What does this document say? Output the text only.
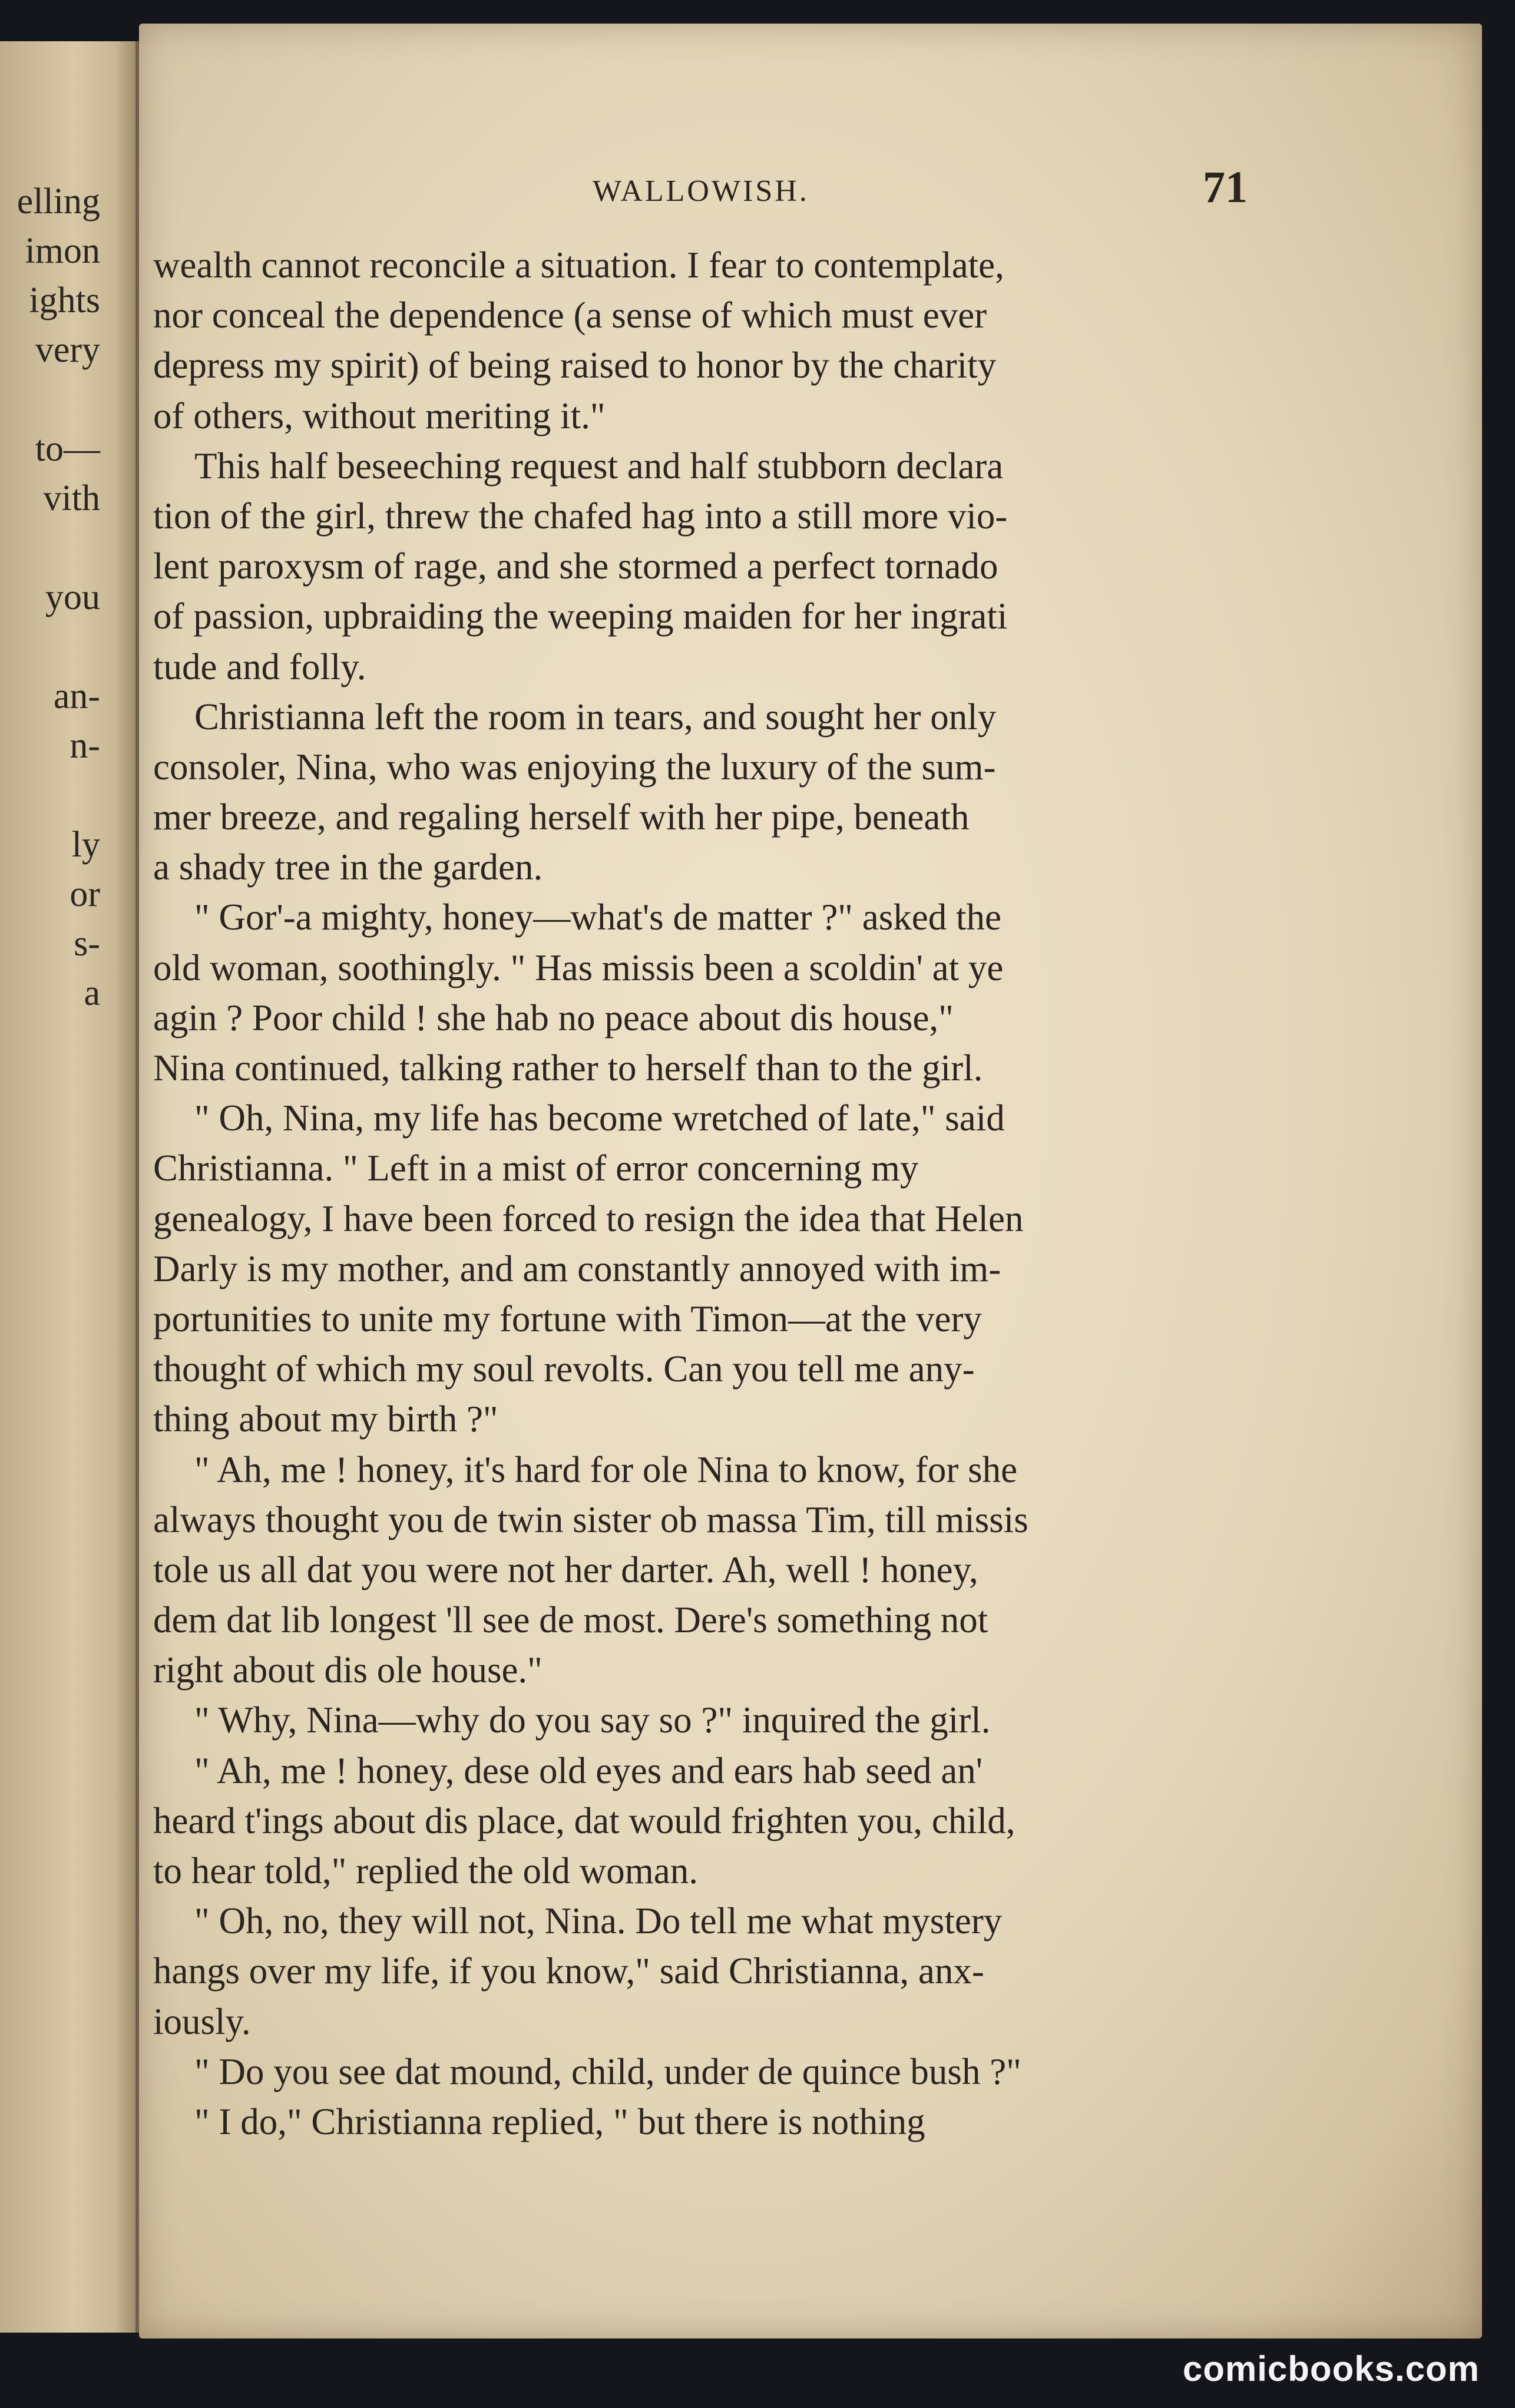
elling
imon
ights
very
to—
vith
you
an-
n-
ly
or
s-
a
WALLOWISH.	71
wealth cannot reconcile a situation. I fear to contemplate,
nor conceal the dependence (a sense of which must ever
depress my spirit) of being raised to honor by the charity
of others, without meriting it."
This half beseeching request and half stubborn declara
tion of the girl, threw the chafed hag into a still more vio-
lent paroxysm of rage, and she stormed a perfect tornado
of passion, upbraiding the weeping maiden for her ingrati
tude and folly.
Christianna left the room in tears, and sought her only
consoler, Nina, who was enjoying the luxury of the sum-
mer breeze, and regaling herself with her pipe, beneath
a shady tree in the garden.
" Gor'-a mighty, honey—what's de matter ?" asked the
old woman, soothingly. " Has missis been a scoldin' at ye
agin ? Poor child ! she hab no peace about dis house,"
Nina continued, talking rather to herself than to the girl.
" Oh, Nina, my life has become wretched of late," said
Christianna. " Left in a mist of error concerning my
genealogy, I have been forced to resign the idea that Helen
Darly is my mother, and am constantly annoyed with im-
portunities to unite my fortune with Timon—at the very
thought of which my soul revolts. Can you tell me any-
thing about my birth ?"
" Ah, me ! honey, it's hard for ole Nina to know, for she
always thought you de twin sister ob massa Tim, till missis
tole us all dat you were not her darter. Ah, well ! honey,
dem dat lib longest 'll see de most. Dere's something not
right about dis ole house."
" Why, Nina—why do you say so ?" inquired the girl.
" Ah, me ! honey, dese old eyes and ears hab seed an'
heard t'ings about dis place, dat would frighten you, child,
to hear told," replied the old woman.
" Oh, no, they will not, Nina. Do tell me what mystery
hangs over my life, if you know," said Christianna, anx-
iously.
" Do you see dat mound, child, under de quince bush ?"
" I do," Christianna replied, " but there is nothing
comicbooks.com
